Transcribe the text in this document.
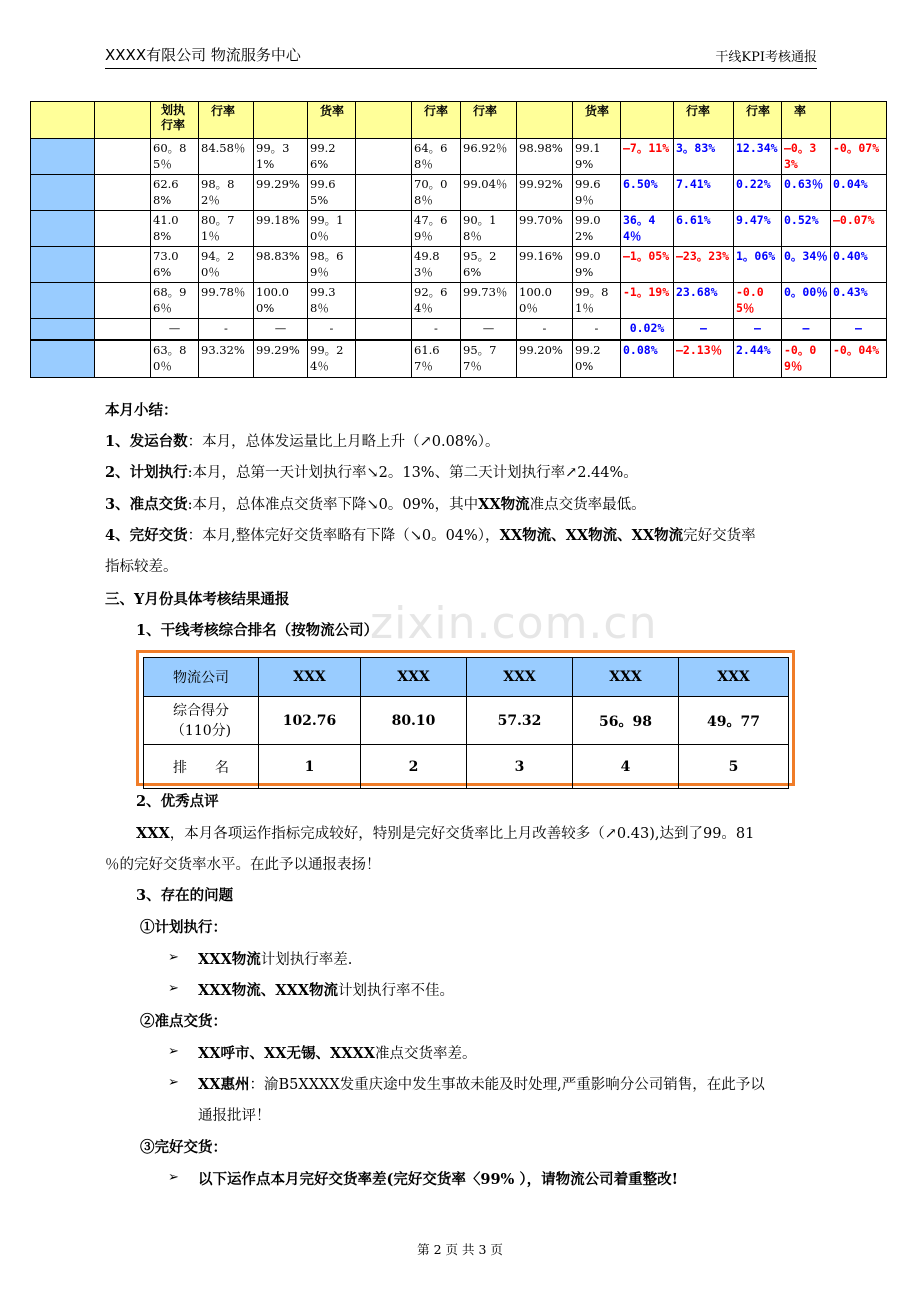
XXXX有限公司 物流服务中心	干线KPI考核通报
		划执行率	行率		货率		行率	行率		货率		行率	行率	率	
		60。85％	84.58％	99。31%	99.26%		64。68％	96.92％	98.98%	99.19%	—7。11%	3。83%	12.34%	—0。33%	-0。07%
		62.68%	98。82％	99.29%	99.65%		70。08％	99.04％	99.92%	99.69％	6.50%	7.41%	0.22%	0.63％	0.04%
		41.08%	80。71％	99.18%	99。10％		47。69％	90。18％	99.70%	99.02%	36。44％	6.61%	9.47%	0.52%	—0.07%
		73.06%	94。20％	98.83%	98。69％		49.83％	95。26%	99.16%	99.09%	—1。05%	—23。23%	1。06%	0。34％	0.40%
		68。96％	99.78％	100.00%	99.38％		92。64％	99.73％	100.00％	99。81％	-1。19%	23.68%	-0.05％	0。00％	0.43%
		—	-	—	-		-	—	-	-	0.02%	—	—	—	—
		63。80％	93.32%	99.29%	99。24％		61.67％	95。77％	99.20%	99.20%	0.08%	—2.13％	2.44%	-0。09％	-0。04%
本月小结：
1、发运台数：本月，总体发运量比上月略上升（↗0.08%）。
2、计划执行:本月，总第一天计划执行率↘2。13%、第二天计划执行率↗2.44%。
3、准点交货:本月，总体准点交货率下降↘0。09%，其中XX物流准点交货率最低。
4、完好交货：本月,整体完好交货率略有下降（↘0。04%），XX物流、XX物流、XX物流完好交货率
指标较差。
三、Y月份具体考核结果通报
1、干线考核综合排名（按物流公司）
zixin.com.cn
物流公司	XXX	XXX	XXX	XXX	XXX

综合得分
（110分)	102.76	80.10	57.32	56。98	49。77
排　　名	1	2	3	4	5
2、优秀点评
XXX，本月各项运作指标完成较好，特别是完好交货率比上月改善较多（↗0.43),达到了99。81
％的完好交货率水平。在此予以通报表扬！
3、存在的问题
①计划执行：
➢ XXX物流计划执行率差.
➢ XXX物流、XXX物流计划执行率不佳。
②准点交货：
➢ XX呼市、XX无锡、XXXX准点交货率差。
➢ XX惠州：渝B5XXXX发重庆途中发生事故未能及时处理,严重影响分公司销售，在此予以
通报批评！
③完好交货：
➢ 以下运作点本月完好交货率差(完好交货率〈99% ），请物流公司着重整改!
第 2 页 共 3 页
